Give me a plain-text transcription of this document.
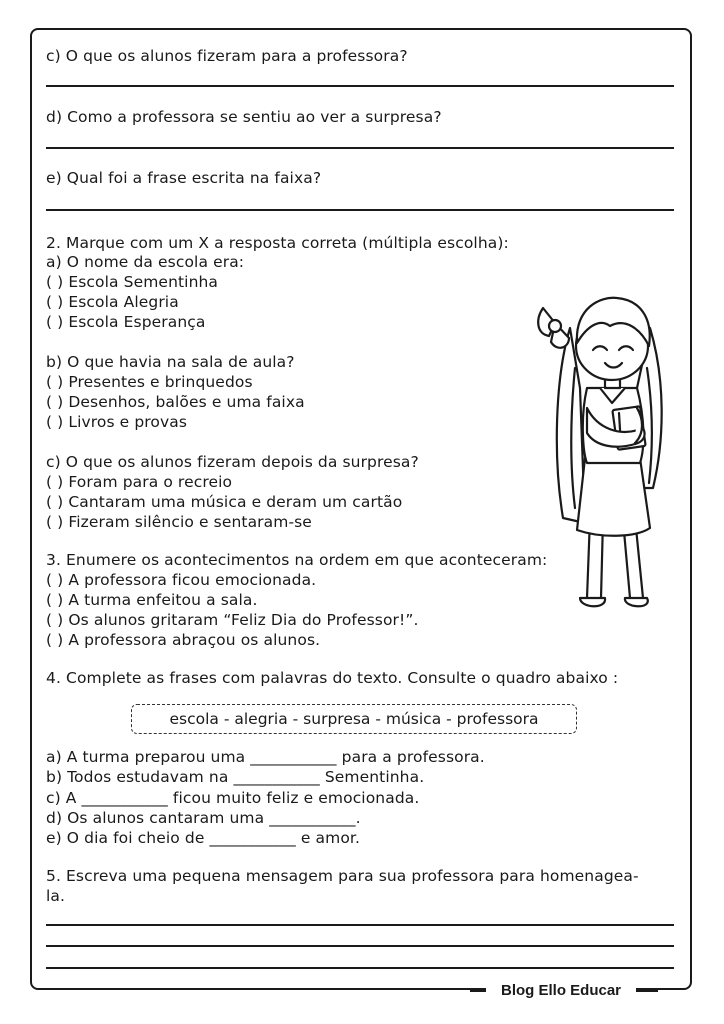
c) O que os alunos fizeram para a professora?
d) Como a professora se sentiu ao ver a surpresa?
e) Qual foi a frase escrita na faixa?
2. Marque com um X a resposta correta (múltipla escolha):
a) O nome da escola era:
( ) Escola Sementinha
( ) Escola Alegria
( ) Escola Esperança
b) O que havia na sala de aula?
( ) Presentes e brinquedos
( ) Desenhos, balões e uma faixa
( ) Livros e provas
c) O que os alunos fizeram depois da surpresa?
( ) Foram para o recreio
( ) Cantaram uma música e deram um cartão
( ) Fizeram silêncio e sentaram-se
3. Enumere os acontecimentos na ordem em que aconteceram:
( ) A professora ficou emocionada.
( ) A turma enfeitou a sala.
( ) Os alunos gritaram “Feliz Dia do Professor!”.
( ) A professora abraçou os alunos.
4. Complete as frases com palavras do texto. Consulte o quadro abaixo :
escola - alegria - surpresa - música - professora
a) A turma preparou uma ___________ para a professora.
b) Todos estudavam na ___________ Sementinha.
c) A ___________ ficou muito feliz e emocionada.
d) Os alunos cantaram uma ___________.
e) O dia foi cheio de ___________ e amor.
5. Escreva uma pequena mensagem para sua professora para homenagea-
la.
Blog Ello Educar
